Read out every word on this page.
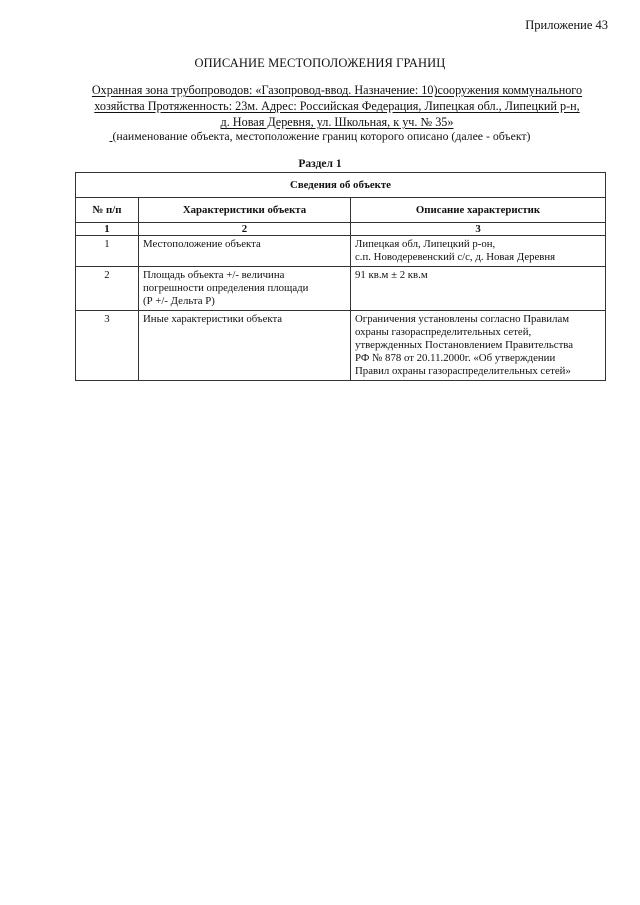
Приложение 43
ОПИСАНИЕ МЕСТОПОЛОЖЕНИЯ ГРАНИЦ
Охранная зона трубопроводов: «Газопровод-ввод. Назначение: 10)сооружения коммунального
хозяйства Протяженность: 23м. Адрес: Российская Федерация, Липецкая обл., Липецкий р-н,
д. Новая Деревня, ул. Школьная, к уч. № 35»
(наименование объекта, местоположение границ которого описано (далее - объект)
Раздел 1
Сведения об объекте		
№ п/п	Характеристики объекта	Описание характеристик
1	2	3
1	Местоположение объекта	Липецкая обл, Липецкий р-он,
с.п. Новодеревенский с/с, д. Новая Деревня

2	Площадь объекта +/- величина
погрешности определения площади
(Р +/- Дельта Р)	91 кв.м ± 2 кв.м

3	Иные характеристики объекта	Ограничения установлены согласно Правилам
охраны газораспределительных сетей,
утвержденных Постановлением Правительства
РФ № 878 от 20.11.2000г. «Об утверждении
Правил охраны газораспределительных сетей»
